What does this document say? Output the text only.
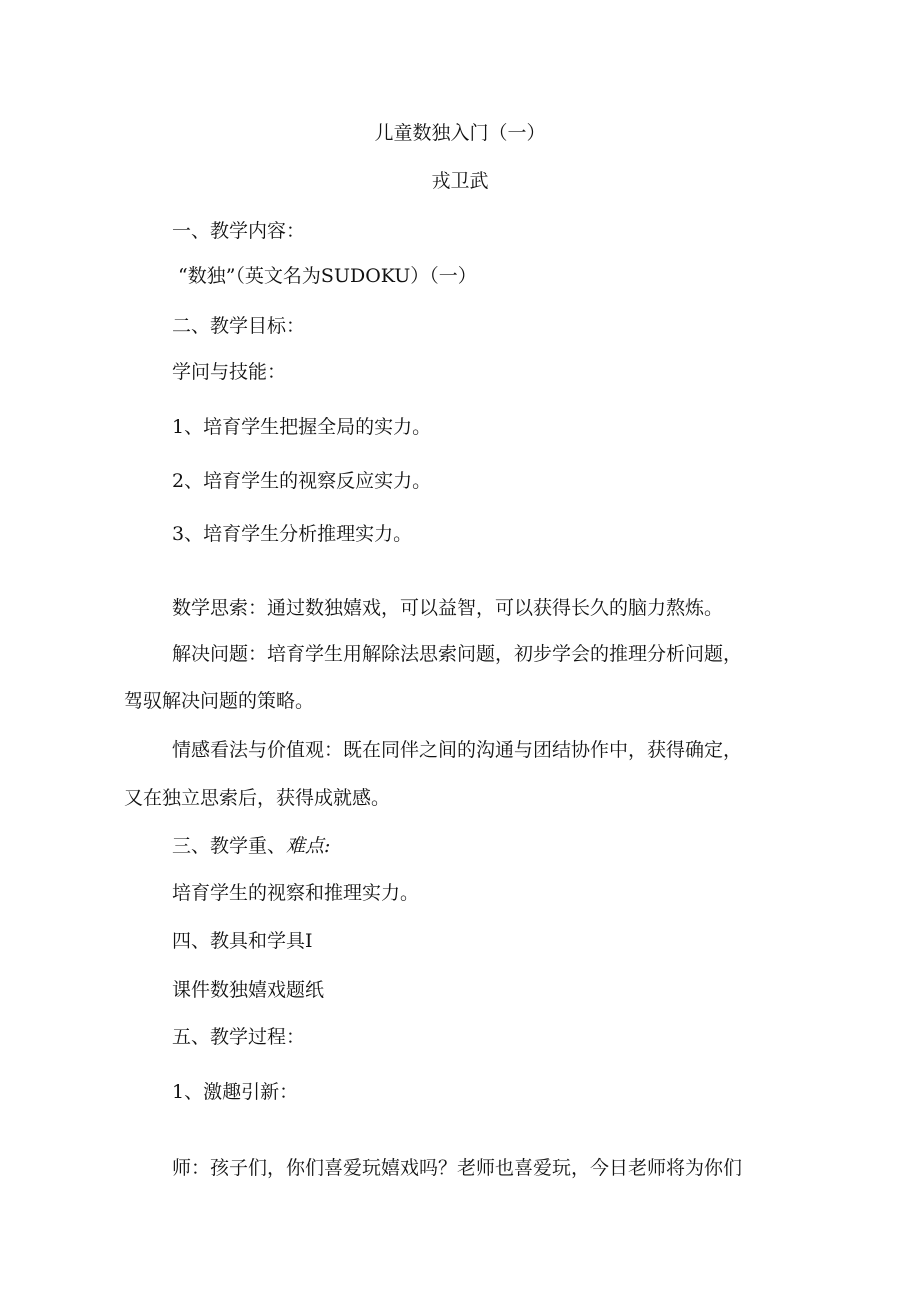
儿童数独入门（一）
戎卫武
一、教学内容：
“数独”（英文名为SUDOKU）（一）
二、教学目标：
学问与技能：
1、培育学生把握全局的实力。
2、培育学生的视察反应实力。
3、培育学生分析推理实力。
数学思索：通过数独嬉戏，可以益智，可以获得长久的脑力熬炼。
解决问题：培育学生用解除法思索问题，初步学会的推理分析问题，
驾驭解决问题的策略。
情感看法与价值观：既在同伴之间的沟通与团结协作中，获得确定，
又在独立思索后，获得成就感。
三、教学重、难点:
培育学生的视察和推理实力。
四、教具和学具I
课件数独嬉戏题纸
五、教学过程：
1、激趣引新：
师：孩子们，你们喜爱玩嬉戏吗？老师也喜爱玩，今日老师将为你们
